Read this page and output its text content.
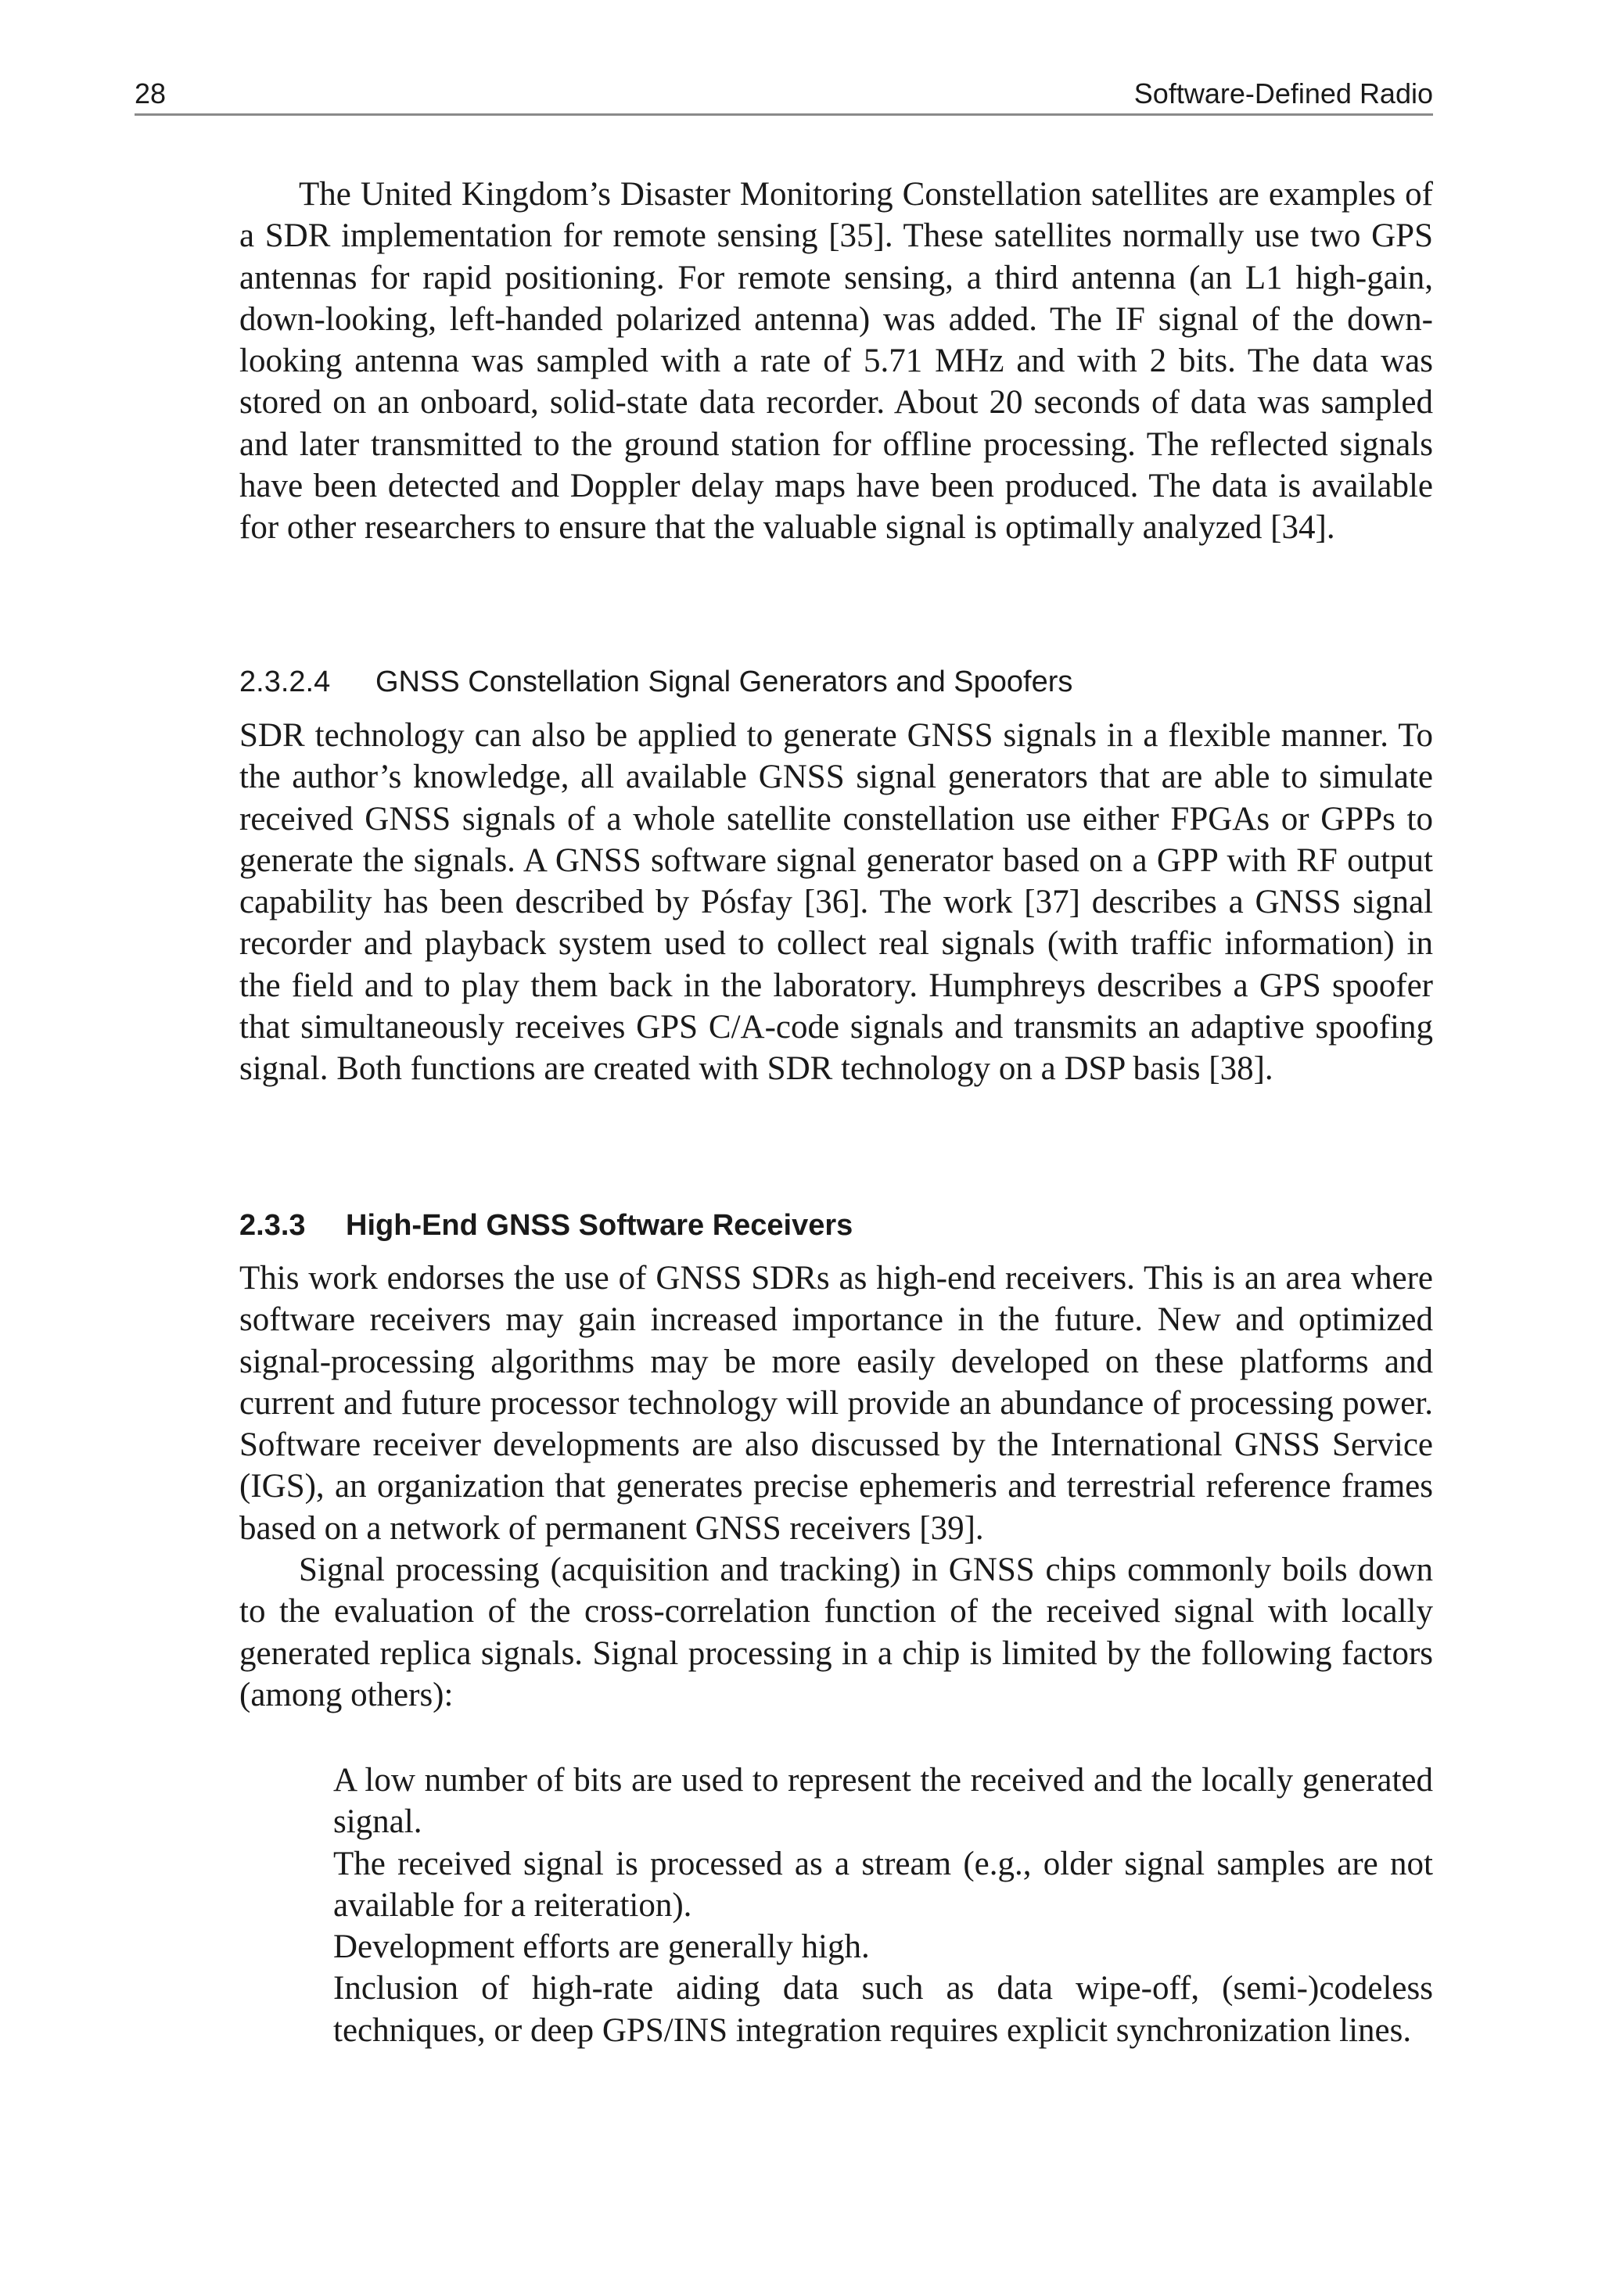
28	Software-Defined Radio

The United Kingdom’s Disaster Monitoring Constellation satellites are examples of a SDR implementation for remote sensing [35]. These satellites normally use two GPS antennas for rapid positioning. For remote sensing, a third antenna (an L1 high-gain, down-looking, left-handed polarized antenna) was added. The IF signal of the down-looking antenna was sampled with a rate of 5.71 MHz and with 2 bits. The data was stored on an onboard, solid-state data recorder. About 20 seconds of data was sampled and later transmitted to the ground station for offline processing. The reflected signals have been detected and Doppler delay maps have been produced. The data is available for other researchers to ensure that the valuable signal is optimally analyzed [34].

2.3.2.4 GNSS Constellation Signal Generators and Spoofers

SDR technology can also be applied to generate GNSS signals in a flexible manner. To the author’s knowledge, all available GNSS signal generators that are able to simulate received GNSS signals of a whole satellite constellation use either FPGAs or GPPs to generate the signals. A GNSS software signal generator based on a GPP with RF output capability has been described by Pósfay [36]. The work [37] describes a GNSS signal recorder and playback system used to collect real signals (with traffic information) in the field and to play them back in the laboratory. Humphreys describes a GPS spoofer that simultaneously receives GPS C/A-code signals and transmits an adaptive spoofing signal. Both functions are created with SDR technology on a DSP basis [38].

2.3.3 High-End GNSS Software Receivers

This work endorses the use of GNSS SDRs as high-end receivers. This is an area where software receivers may gain increased importance in the future. New and optimized signal-processing algorithms may be more easily developed on these platforms and current and future processor technology will provide an abundance of processing power. Software receiver developments are also discussed by the International GNSS Service (IGS), an organization that generates precise ephemeris and terrestrial reference frames based on a network of permanent GNSS receivers [39].

Signal processing (acquisition and tracking) in GNSS chips commonly boils down to the evaluation of the cross-correlation function of the received signal with locally generated replica signals. Signal processing in a chip is limited by the following factors (among others):

A low number of bits are used to represent the received and the locally generated signal.
The received signal is processed as a stream (e.g., older signal samples are not available for a reiteration).
Development efforts are generally high.
Inclusion of high-rate aiding data such as data wipe-off, (semi-)codeless techniques, or deep GPS/INS integration requires explicit synchronization lines.
